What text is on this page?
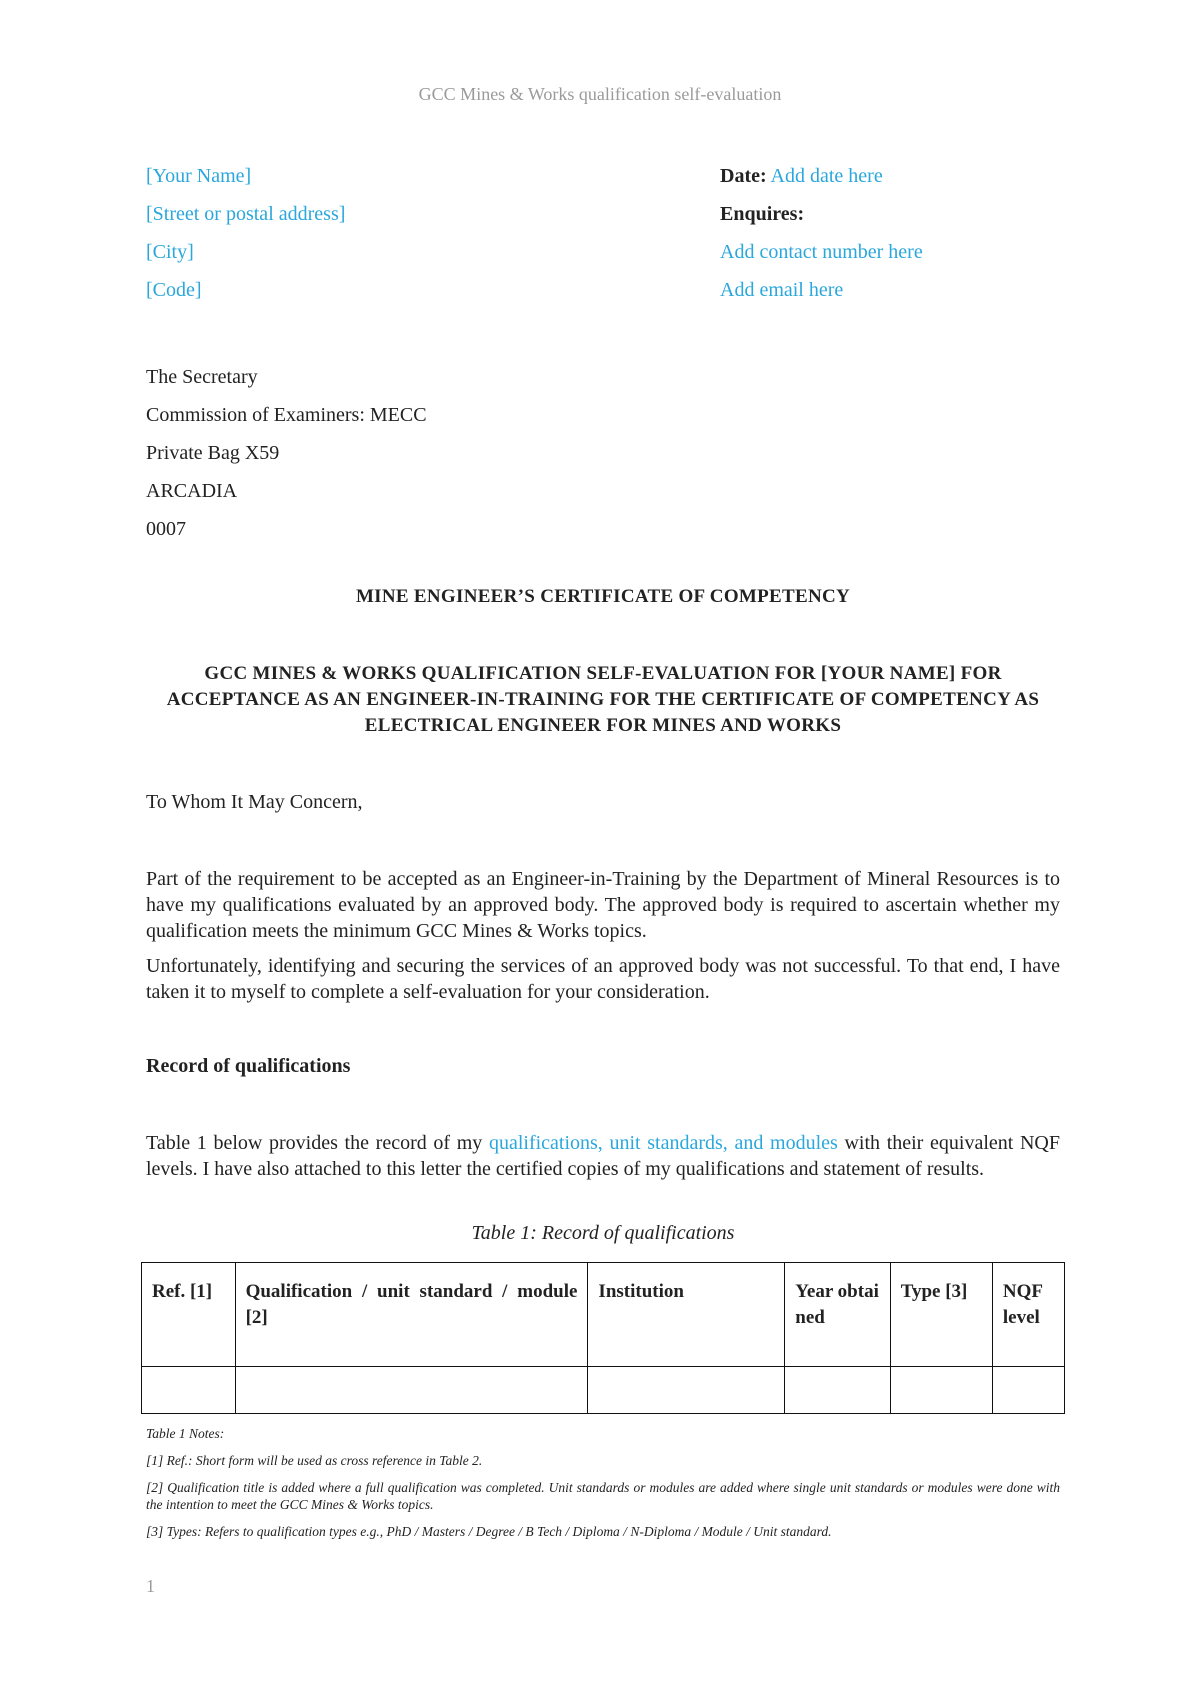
GCC Mines & Works qualification self-evaluation
[Your Name]
[Street or postal address]
[City]
[Code]
Date: Add date here
Enquires:
Add contact number here
Add email here
The Secretary
Commission of Examiners: MECC
Private Bag X59
ARCADIA
0007
MINE ENGINEER’S CERTIFICATE OF COMPETENCY
GCC MINES & WORKS QUALIFICATION SELF-EVALUATION FOR [YOUR NAME] FOR ACCEPTANCE AS AN ENGINEER-IN-TRAINING FOR THE CERTIFICATE OF COMPETENCY AS ELECTRICAL ENGINEER FOR MINES AND WORKS
To Whom It May Concern,
Part of the requirement to be accepted as an Engineer-in-Training by the Department of Mineral Resources is to have my qualifications evaluated by an approved body. The approved body is required to ascertain whether my qualification meets the minimum GCC Mines & Works topics.
Unfortunately, identifying and securing the services of an approved body was not successful. To that end, I have taken it to myself to complete a self-evaluation for your consideration.
Record of qualifications
Table 1 below provides the record of my qualifications, unit standards, and modules with their equivalent NQF levels. I have also attached to this letter the certified copies of my qualifications and statement of results.
Table 1: Record of qualifications
Ref. [1]	Qualification / unit standard / module [2]	Institution	Year obtained	Type [3]	NQF level

Table 1 Notes:
[1] Ref.: Short form will be used as cross reference in Table 2.
[2] Qualification title is added where a full qualification was completed. Unit standards or modules are added where single unit standards or modules were done with the intention to meet the GCC Mines & Works topics.
[3] Types: Refers to qualification types e.g., PhD / Masters / Degree / B Tech / Diploma / N-Diploma / Module / Unit standard.
1
